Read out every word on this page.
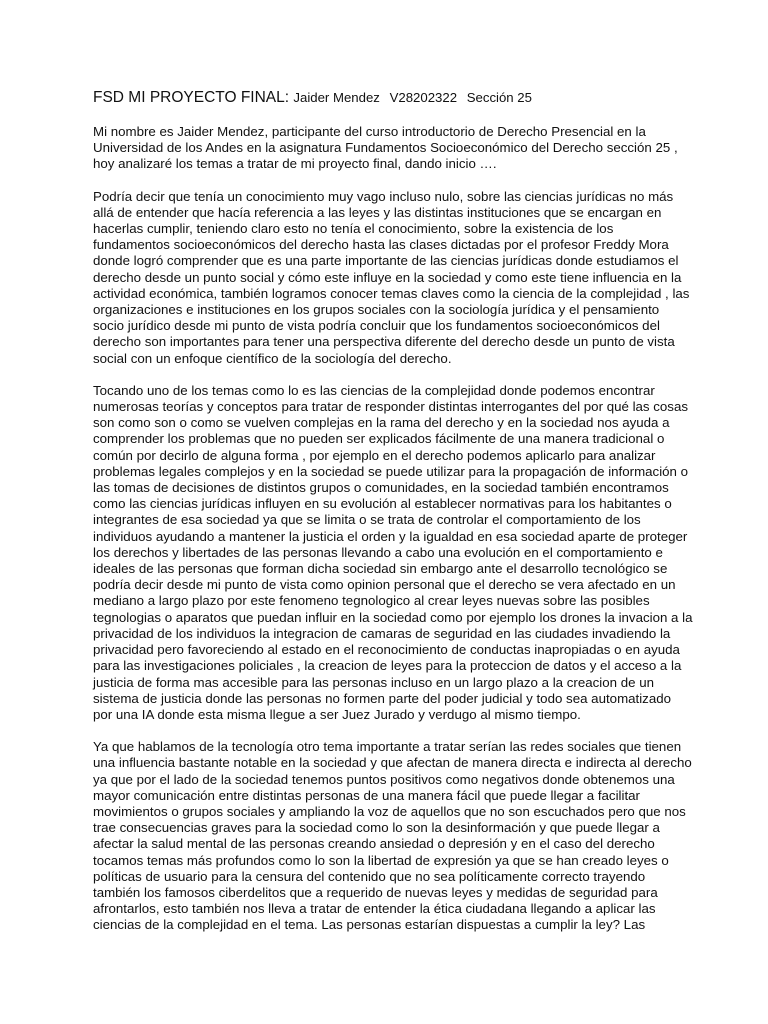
FSD MI PROYECTO FINAL: Jaider Mendez V28202322 Sección 25
Mi nombre es Jaider Mendez, participante del curso introductorio de Derecho Presencial en la
Universidad de los Andes en la asignatura Fundamentos Socioeconómico del Derecho sección 25 ,
hoy analizaré los temas a tratar de mi proyecto final, dando inicio ….
Podría decir que tenía un conocimiento muy vago incluso nulo, sobre las ciencias jurídicas no más
allá de entender que hacía referencia a las leyes y las distintas instituciones que se encargan en
hacerlas cumplir, teniendo claro esto no tenía el conocimiento, sobre la existencia de los
fundamentos socioeconómicos del derecho hasta las clases dictadas por el profesor Freddy Mora
donde logró comprender que es una parte importante de las ciencias jurídicas donde estudiamos el
derecho desde un punto social y cómo este influye en la sociedad y como este tiene influencia en la
actividad económica, también logramos conocer temas claves como la ciencia de la complejidad , las
organizaciones e instituciones en los grupos sociales con la sociología jurídica y el pensamiento
socio jurídico desde mi punto de vista podría concluir que los fundamentos socioeconómicos del
derecho son importantes para tener una perspectiva diferente del derecho desde un punto de vista
social con un enfoque científico de la sociología del derecho.
Tocando uno de los temas como lo es las ciencias de la complejidad donde podemos encontrar
numerosas teorías y conceptos para tratar de responder distintas interrogantes del por qué las cosas
son como son o como se vuelven complejas en la rama del derecho y en la sociedad nos ayuda a
comprender los problemas que no pueden ser explicados fácilmente de una manera tradicional o
común por decirlo de alguna forma , por ejemplo en el derecho podemos aplicarlo para analizar
problemas legales complejos y en la sociedad se puede utilizar para la propagación de información o
las tomas de decisiones de distintos grupos o comunidades, en la sociedad también encontramos
como las ciencias jurídicas influyen en su evolución al establecer normativas para los habitantes o
integrantes de esa sociedad ya que se limita o se trata de controlar el comportamiento de los
individuos ayudando a mantener la justicia el orden y la igualdad en esa sociedad aparte de proteger
los derechos y libertades de las personas llevando a cabo una evolución en el comportamiento e
ideales de las personas que forman dicha sociedad sin embargo ante el desarrollo tecnológico se
podría decir desde mi punto de vista como opinion personal que el derecho se vera afectado en un
mediano a largo plazo por este fenomeno tegnologico al crear leyes nuevas sobre las posibles
tegnologias o aparatos que puedan influir en la sociedad como por ejemplo los drones la invacion a la
privacidad de los individuos la integracion de camaras de seguridad en las ciudades invadiendo la
privacidad pero favoreciendo al estado en el reconocimiento de conductas inapropiadas o en ayuda
para las investigaciones policiales , la creacion de leyes para la proteccion de datos y el acceso a la
justicia de forma mas accesible para las personas incluso en un largo plazo a la creacion de un
sistema de justicia donde las personas no formen parte del poder judicial y todo sea automatizado
por una IA donde esta misma llegue a ser Juez Jurado y verdugo al mismo tiempo.
Ya que hablamos de la tecnología otro tema importante a tratar serían las redes sociales que tienen
una influencia bastante notable en la sociedad y que afectan de manera directa e indirecta al derecho
ya que por el lado de la sociedad tenemos puntos positivos como negativos donde obtenemos una
mayor comunicación entre distintas personas de una manera fácil que puede llegar a facilitar
movimientos o grupos sociales y ampliando la voz de aquellos que no son escuchados pero que nos
trae consecuencias graves para la sociedad como lo son la desinformación y que puede llegar a
afectar la salud mental de las personas creando ansiedad o depresión y en el caso del derecho
tocamos temas más profundos como lo son la libertad de expresión ya que se han creado leyes o
políticas de usuario para la censura del contenido que no sea políticamente correcto trayendo
también los famosos ciberdelitos que a requerido de nuevas leyes y medidas de seguridad para
afrontarlos, esto también nos lleva a tratar de entender la ética ciudadana llegando a aplicar las
ciencias de la complejidad en el tema. Las personas estarían dispuestas a cumplir la ley? Las
